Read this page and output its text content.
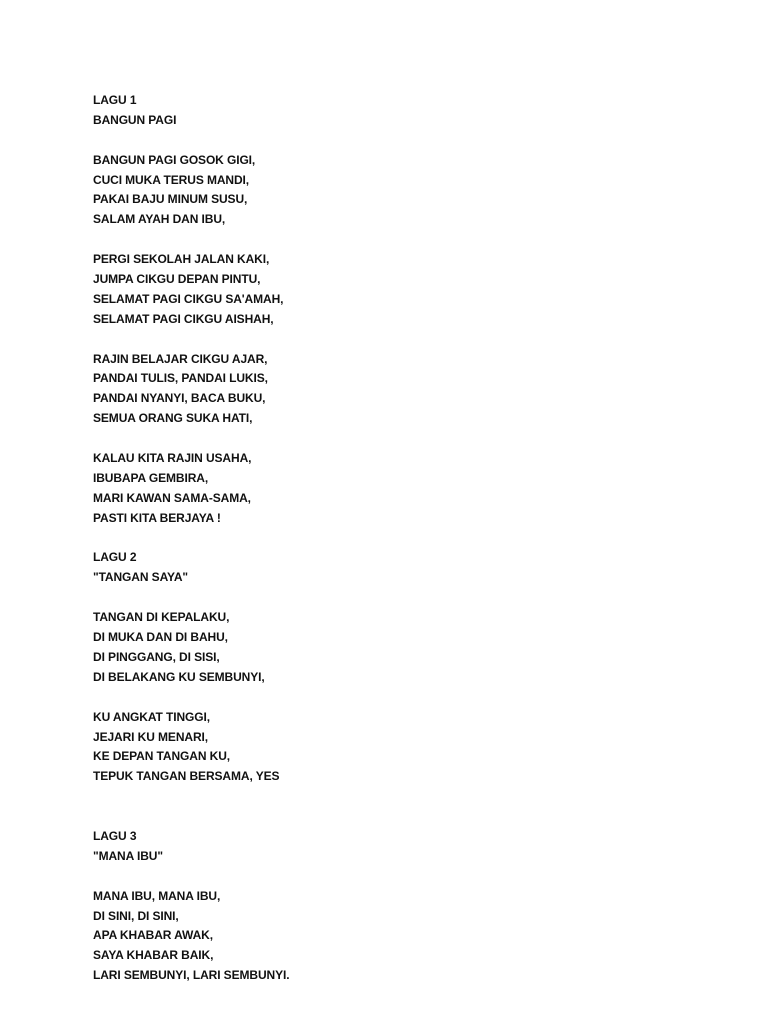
LAGU 1
BANGUN PAGI
BANGUN PAGI GOSOK GIGI,
CUCI MUKA TERUS MANDI,
PAKAI BAJU MINUM SUSU,
SALAM AYAH DAN IBU,
PERGI SEKOLAH JALAN KAKI,
JUMPA CIKGU DEPAN PINTU,
SELAMAT PAGI CIKGU SA'AMAH,
SELAMAT PAGI CIKGU AISHAH,
RAJIN BELAJAR CIKGU AJAR,
PANDAI TULIS, PANDAI LUKIS,
PANDAI NYANYI, BACA BUKU,
SEMUA ORANG SUKA HATI,
KALAU KITA RAJIN USAHA,
IBUBAPA GEMBIRA,
MARI KAWAN SAMA-SAMA,
PASTI KITA BERJAYA !
LAGU 2
"TANGAN SAYA"
TANGAN DI KEPALAKU,
DI MUKA DAN DI BAHU,
DI PINGGANG, DI SISI,
DI BELAKANG KU SEMBUNYI,
KU ANGKAT TINGGI,
JEJARI KU MENARI,
KE DEPAN TANGAN KU,
TEPUK TANGAN BERSAMA, YES
LAGU 3
"MANA IBU"
MANA IBU, MANA IBU,
DI SINI, DI SINI,
APA KHABAR AWAK,
SAYA KHABAR BAIK,
LARI SEMBUNYI, LARI SEMBUNYI.
